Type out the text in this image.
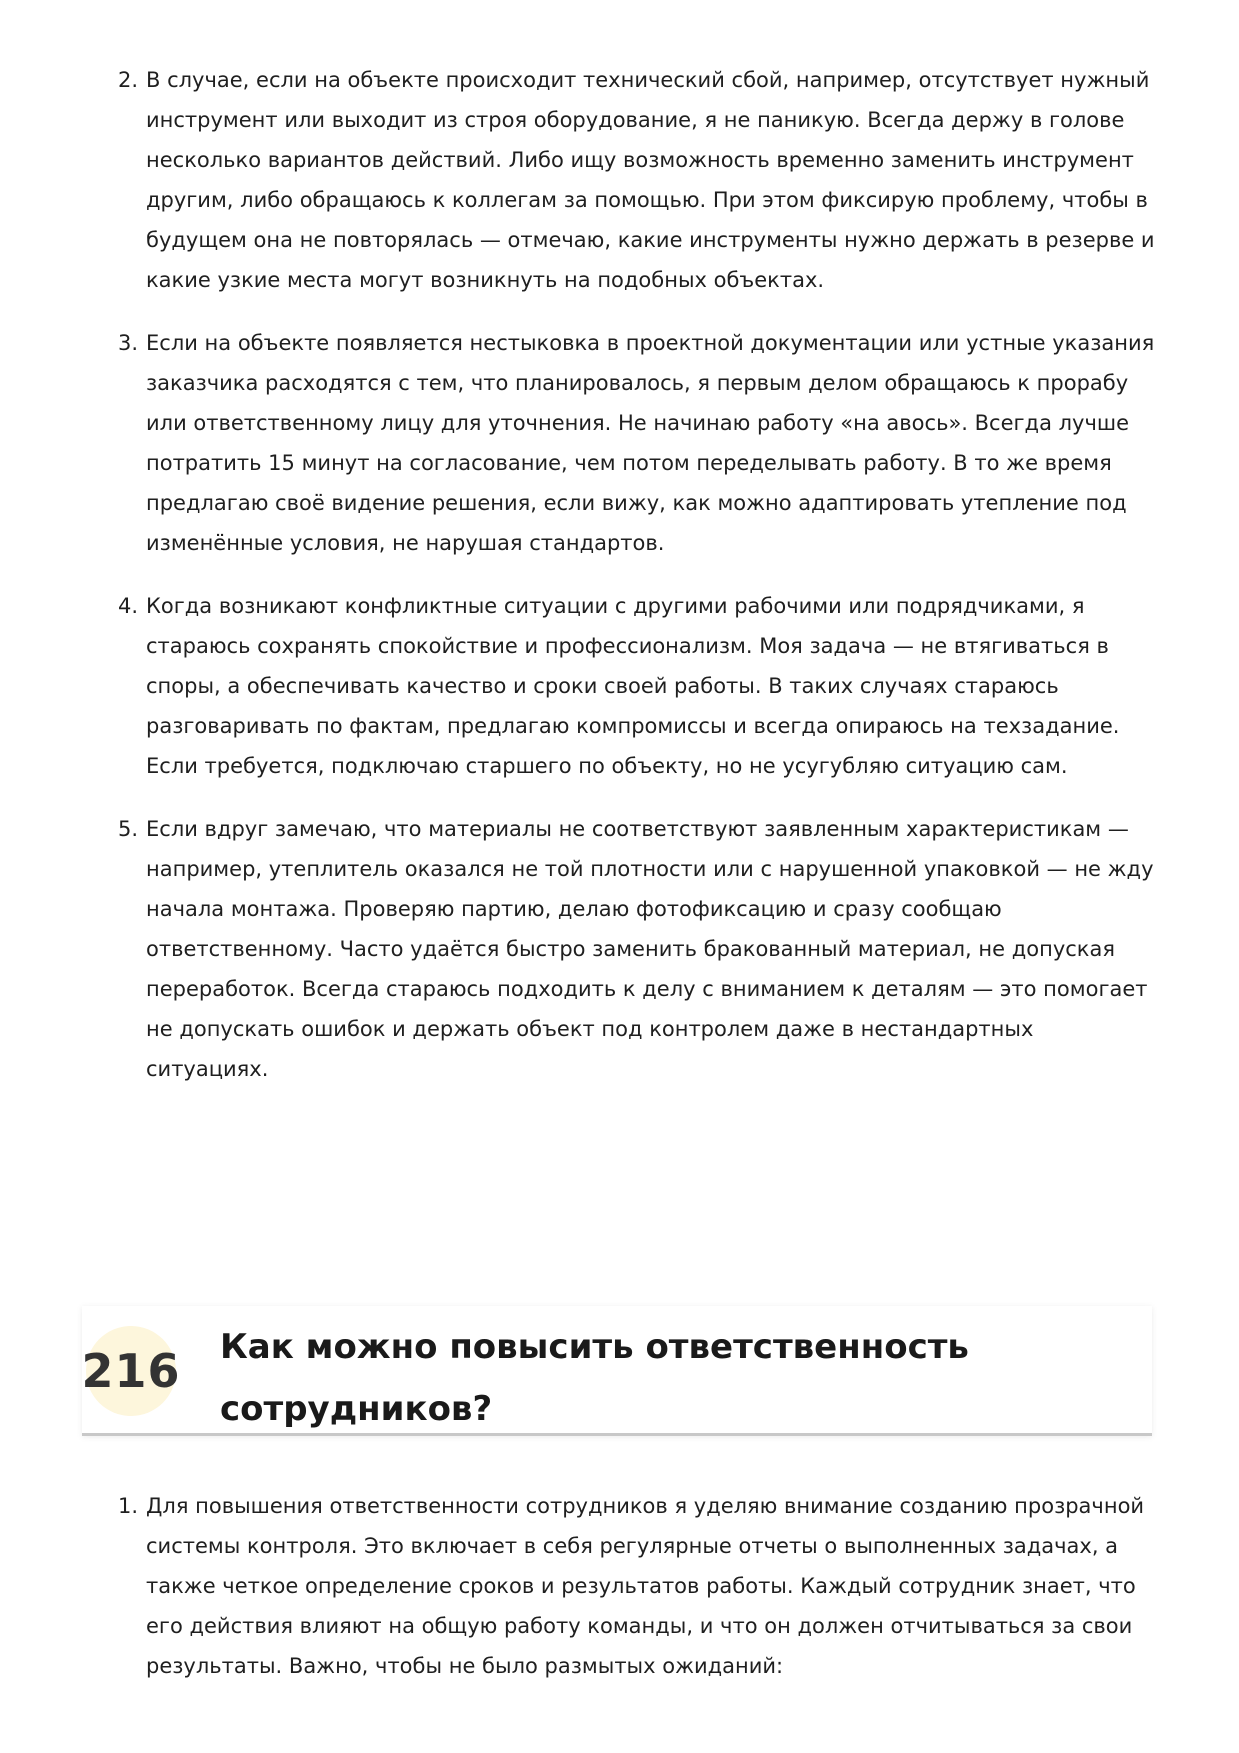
2. В случае, если на объекте происходит технический сбой, например, отсутствует нужный инструмент или выходит из строя оборудование, я не паникую. Всегда держу в голове несколько вариантов действий. Либо ищу возможность временно заменить инструмент другим, либо обращаюсь к коллегам за помощью. При этом фиксирую проблему, чтобы в будущем она не повторялась — отмечаю, какие инструменты нужно держать в резерве и какие узкие места могут возникнуть на подобных объектах.
3. Если на объекте появляется нестыковка в проектной документации или устные указания заказчика расходятся с тем, что планировалось, я первым делом обращаюсь к прорабу или ответственному лицу для уточнения. Не начинаю работу «на авось». Всегда лучше потратить 15 минут на согласование, чем потом переделывать работу. В то же время предлагаю своё видение решения, если вижу, как можно адаптировать утепление под изменённые условия, не нарушая стандартов.
4. Когда возникают конфликтные ситуации с другими рабочими или подрядчиками, я стараюсь сохранять спокойствие и профессионализм. Моя задача — не втягиваться в споры, а обеспечивать качество и сроки своей работы. В таких случаях стараюсь разговаривать по фактам, предлагаю компромиссы и всегда опираюсь на техзадание. Если требуется, подключаю старшего по объекту, но не усугубляю ситуацию сам.
5. Если вдруг замечаю, что материалы не соответствуют заявленным характеристикам — например, утеплитель оказался не той плотности или с нарушенной упаковкой — не жду начала монтажа. Проверяю партию, делаю фотофиксацию и сразу сообщаю ответственному. Часто удаётся быстро заменить бракованный материал, не допуская переработок. Всегда стараюсь подходить к делу с вниманием к деталям — это помогает не допускать ошибок и держать объект под контролем даже в нестандартных ситуациях.
216 Как можно повысить ответственность сотрудников?
1. Для повышения ответственности сотрудников я уделяю внимание созданию прозрачной системы контроля. Это включает в себя регулярные отчеты о выполненных задачах, а также четкое определение сроков и результатов работы. Каждый сотрудник знает, что его действия влияют на общую работу команды, и что он должен отчитываться за свои результаты. Важно, чтобы не было размытых ожиданий:
